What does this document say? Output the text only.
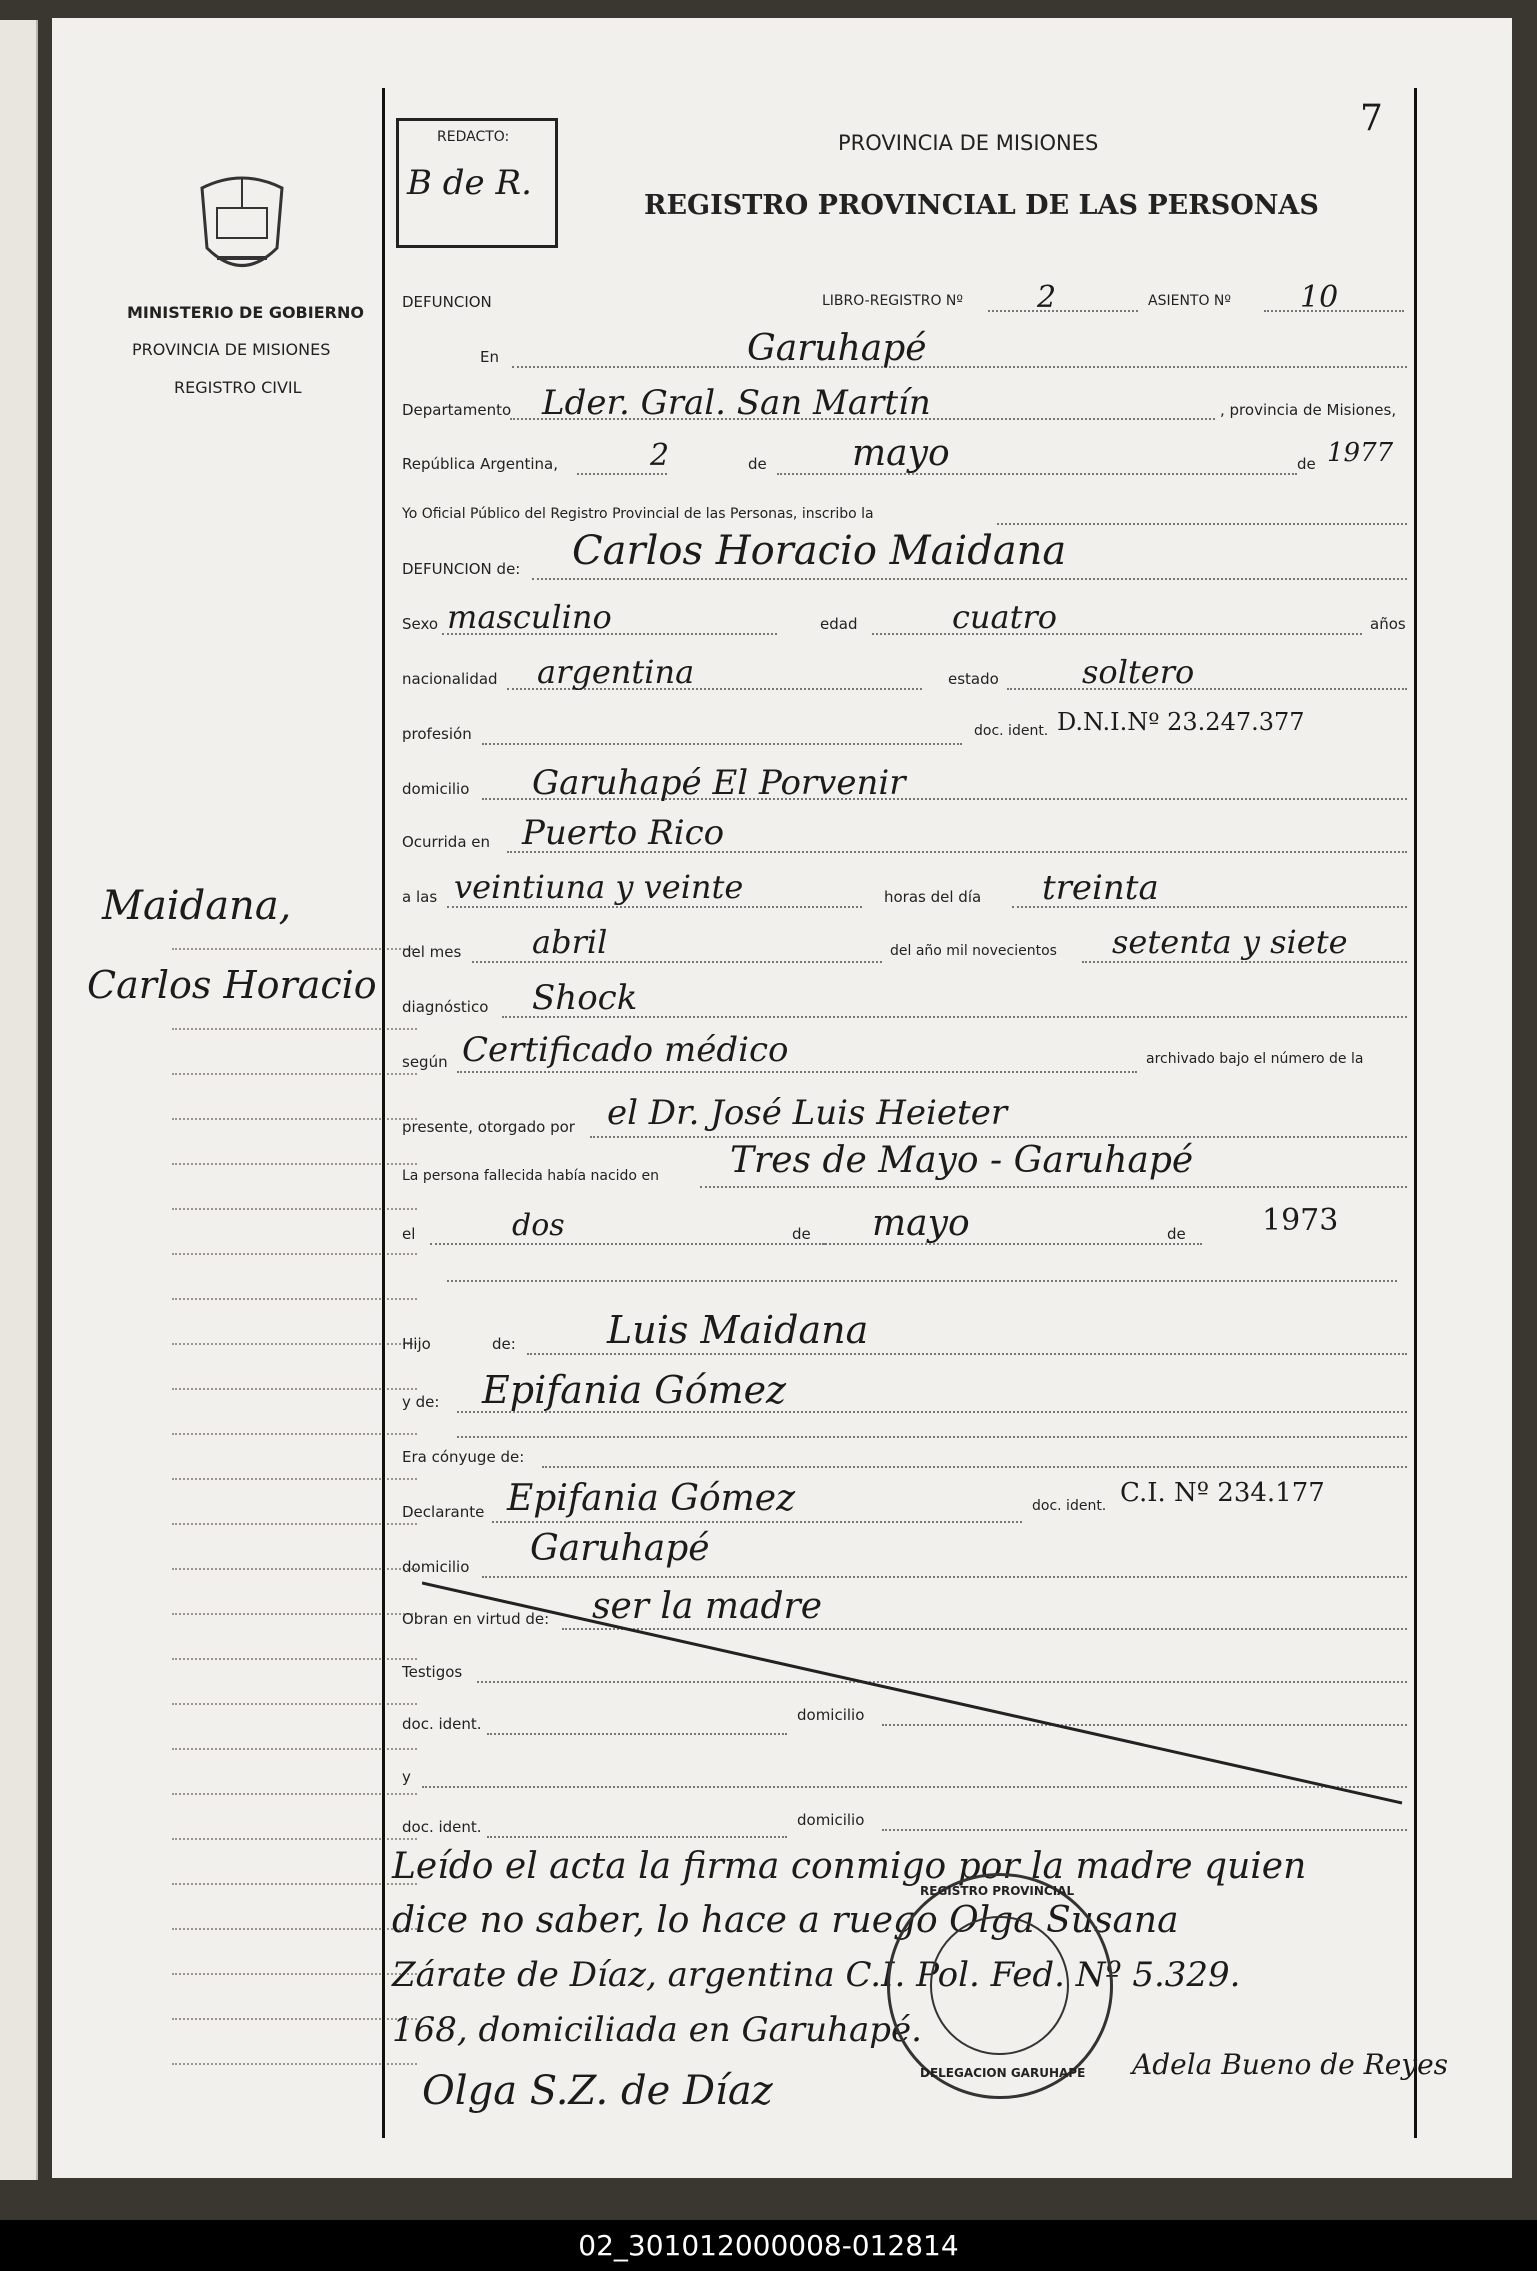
MINISTERIO DE GOBIERNO
PROVINCIA DE MISIONES
REGISTRO CIVIL
Maidana,
Carlos Horacio
REDACTO:
B de R.
7
PROVINCIA DE MISIONES
REGISTRO PROVINCIAL DE LAS PERSONAS
DEFUNCION	LIBRO-REGISTRO Nº 2	ASIENTO Nº 10
En	Garuhapé
Departamento Lder. Gral. San Martín	, provincia de Misiones,
República Argentina,	2	de mayo	de 1977
Yo Oficial Público del Registro Provincial de las Personas, inscribo la
DEFUNCION de: Carlos Horacio Maidana
Sexo masculino	edad	cuatro	años
nacionalidad argentina	estado	soltero
profesión	doc. ident. D.N.I.Nº 23.247.377
domicilio Garuhapé El Porvenir
Ocurrida en Puerto Rico
a las veintiuna y veinte	horas del día treinta
del mes abril	del año mil novecientos setenta y siete
diagnóstico Shock
según Certificado médico	archivado bajo el número de la
presente, otorgado por el Dr. José Luis Heieter
La persona fallecida había nacido en Tres de Mayo - Garuhapé
el	dos	de mayo	de	1973
Hijo	de: Luis Maidana
y de: Epifania Gómez
Era cónyuge de:
Declarante Epifania Gómez	doc. ident. C.I. Nº 234.177
domicilio Garuhapé
Obran en virtud de: ser la madre
Testigos
doc. ident.	domicilio
y
doc. ident.	domicilio
Leído el acta la firma conmigo por la madre quien
dice no saber, lo hace a ruego Olga Susana
Zárate de Díaz, argentina C.I. Pol. Fed. Nº 5.329.
168, domiciliada en Garuhapé.
Olga S.Z. de Díaz
Adela Bueno de Reyes
REGISTRO PROVINCIAL
DELEGACION GARUHAPE
02_301012000008-012814
